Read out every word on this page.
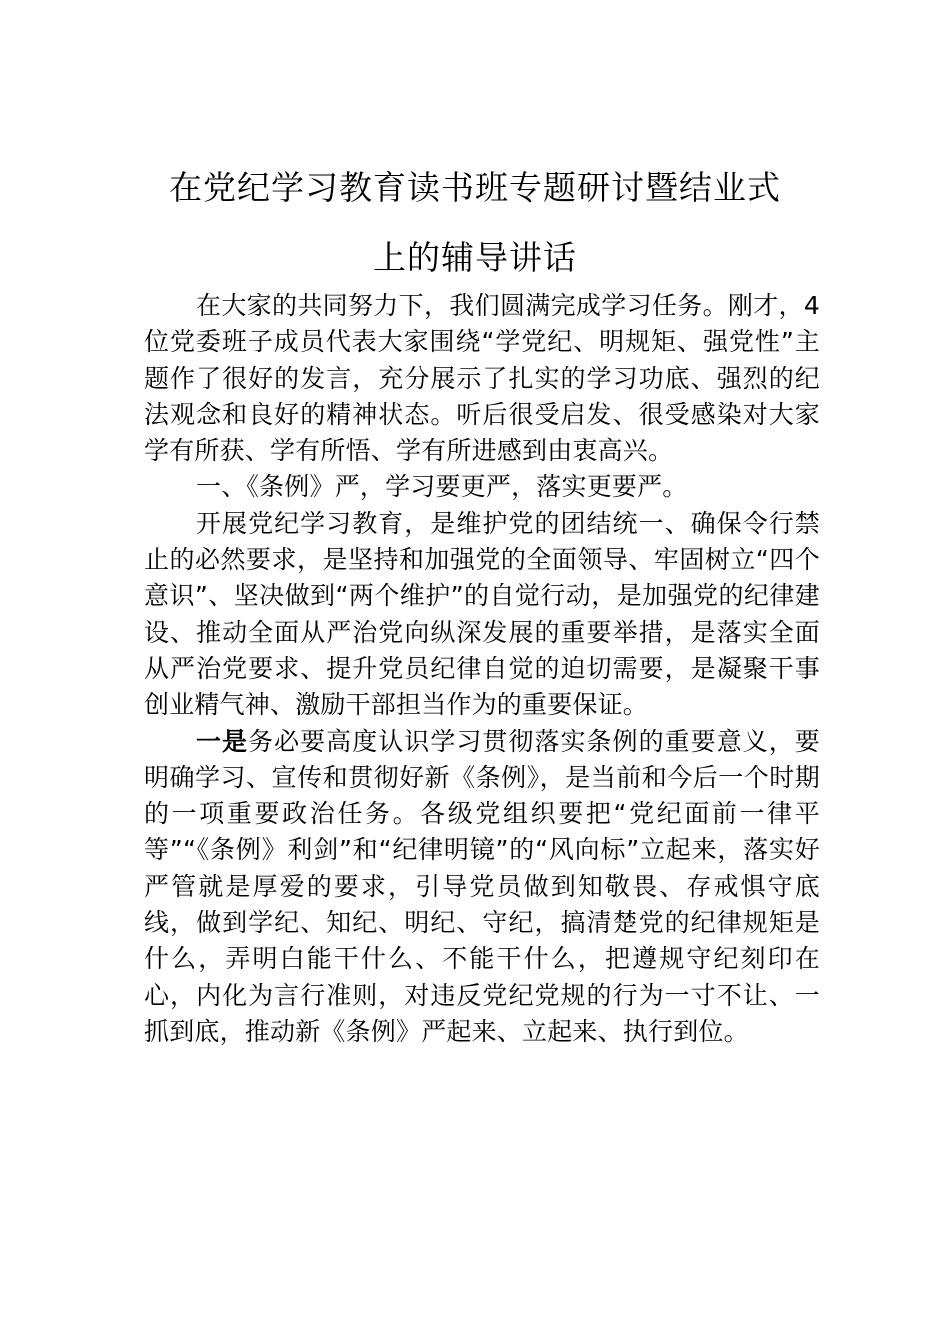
在党纪学习教育读书班专题研讨暨结业式
上的辅导讲话

在大家的共同努力下，我们圆满完成学习任务。刚才，4位党委班子成员代表大家围绕“学党纪、明规矩、强党性”主题作了很好的发言，充分展示了扎实的学习功底、强烈的纪法观念和良好的精神状态。听后很受启发、很受感染对大家学有所获、学有所悟、学有所进感到由衷高兴。

一、《条例》严，学习要更严，落实更要严。

开展党纪学习教育，是维护党的团结统一、确保令行禁止的必然要求，是坚持和加强党的全面领导、牢固树立“四个意识”、坚决做到“两个维护”的自觉行动，是加强党的纪律建设、推动全面从严治党向纵深发展的重要举措，是落实全面从严治党要求、提升党员纪律自觉的迫切需要，是凝聚干事创业精气神、激励干部担当作为的重要保证。

一是务必要高度认识学习贯彻落实条例的重要意义，要明确学习、宣传和贯彻好新《条例》，是当前和今后一个时期的一项重要政治任务。各级党组织要把“党纪面前一律平等”“《条例》利剑”和“纪律明镜”的“风向标”立起来，落实好严管就是厚爱的要求，引导党员做到知敬畏、存戒惧守底线，做到学纪、知纪、明纪、守纪，搞清楚党的纪律规矩是什么，弄明白能干什么、不能干什么，把遵规守纪刻印在心，内化为言行准则，对违反党纪党规的行为一寸不让、一抓到底，推动新《条例》严起来、立起来、执行到位。
